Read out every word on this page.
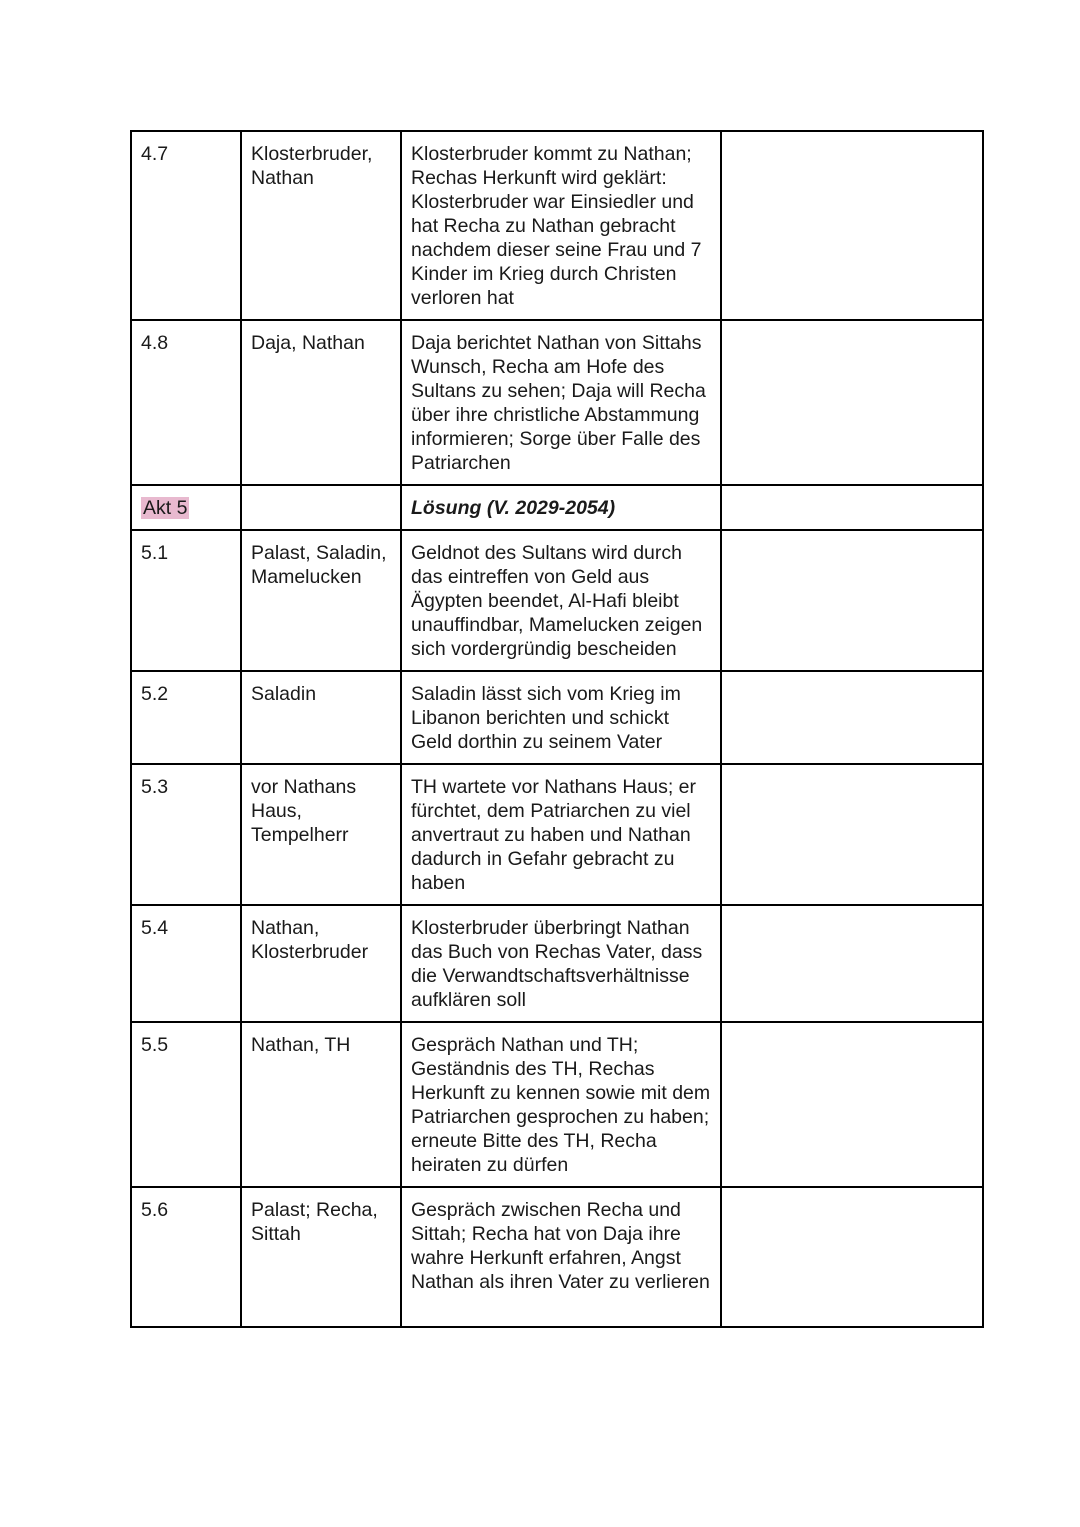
4.7	Klosterbruder, Nathan	Klosterbruder kommt zu Nathan; Rechas Herkunft wird geklärt: Klosterbruder war Einsiedler und hat Recha zu Nathan gebracht nachdem dieser seine Frau und 7 Kinder im Krieg durch Christen verloren hat	
4.8	Daja, Nathan	Daja berichtet Nathan von Sittahs Wunsch, Recha am Hofe des Sultans zu sehen; Daja will Recha über ihre christliche Abstammung informieren; Sorge über Falle des Patriarchen	
Akt 5		Lösung (V. 2029-2054)	
5.1	Palast, Saladin, Mamelucken	Geldnot des Sultans wird durch das eintreffen von Geld aus Ägypten beendet, Al-Hafi bleibt unauffindbar, Mamelucken zeigen sich vordergründig bescheiden	
5.2	Saladin	Saladin lässt sich vom Krieg im Libanon berichten und schickt Geld dorthin zu seinem Vater	
5.3	vor Nathans Haus, Tempelherr	TH wartete vor Nathans Haus; er fürchtet, dem Patriarchen zu viel anvertraut zu haben und Nathan dadurch in Gefahr gebracht zu haben	
5.4	Nathan, Klosterbruder	Klosterbruder überbringt Nathan das Buch von Rechas Vater, dass die Verwandtschaftsverhältnisse aufklären soll	
5.5	Nathan, TH	Gespräch Nathan und TH; Geständnis des TH, Rechas Herkunft zu kennen sowie mit dem Patriarchen gesprochen zu haben; erneute Bitte des TH, Recha heiraten zu dürfen	
5.6	Palast; Recha, Sittah	Gespräch zwischen Recha und Sittah; Recha hat von Daja ihre wahre Herkunft erfahren, Angst Nathan als ihren Vater zu verlieren	
